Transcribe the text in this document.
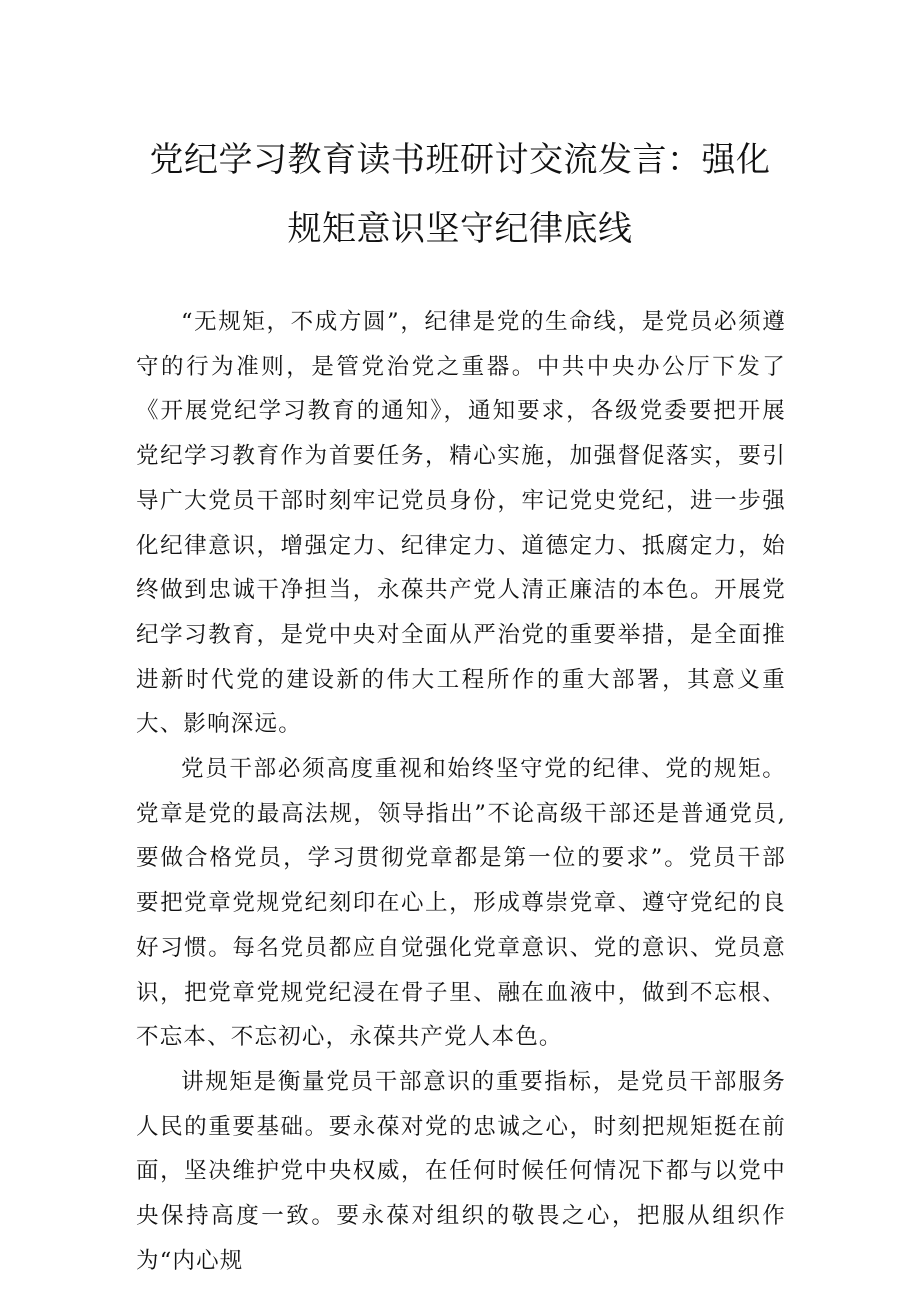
党纪学习教育读书班研讨交流发言：强化
规矩意识坚守纪律底线

“无规矩，不成方圆”，纪律是党的生命线，是党员必须遵守的行为准则，是管党治党之重器。中共中央办公厅下发了《开展党纪学习教育的通知》，通知要求，各级党委要把开展党纪学习教育作为首要任务，精心实施，加强督促落实，要引导广大党员干部时刻牢记党员身份，牢记党史党纪，进一步强化纪律意识，增强定力、纪律定力、道德定力、抵腐定力，始终做到忠诚干净担当，永葆共产党人清正廉洁的本色。开展党纪学习教育，是党中央对全面从严治党的重要举措，是全面推进新时代党的建设新的伟大工程所作的重大部署，其意义重大、影响深远。

党员干部必须高度重视和始终坚守党的纪律、党的规矩。党章是党的最高法规，领导指出”不论高级干部还是普通党员,要做合格党员，学习贯彻党章都是第一位的要求”。党员干部要把党章党规党纪刻印在心上，形成尊崇党章、遵守党纪的良好习惯。每名党员都应自觉强化党章意识、党的意识、党员意识，把党章党规党纪浸在骨子里、融在血液中，做到不忘根、不忘本、不忘初心，永葆共产党人本色。

讲规矩是衡量党员干部意识的重要指标，是党员干部服务人民的重要基础。要永葆对党的忠诚之心，时刻把规矩挺在前面，坚决维护党中央权威，在任何时候任何情况下都与以党中央保持高度一致。要永葆对组织的敬畏之心，把服从组织作为“内心规
